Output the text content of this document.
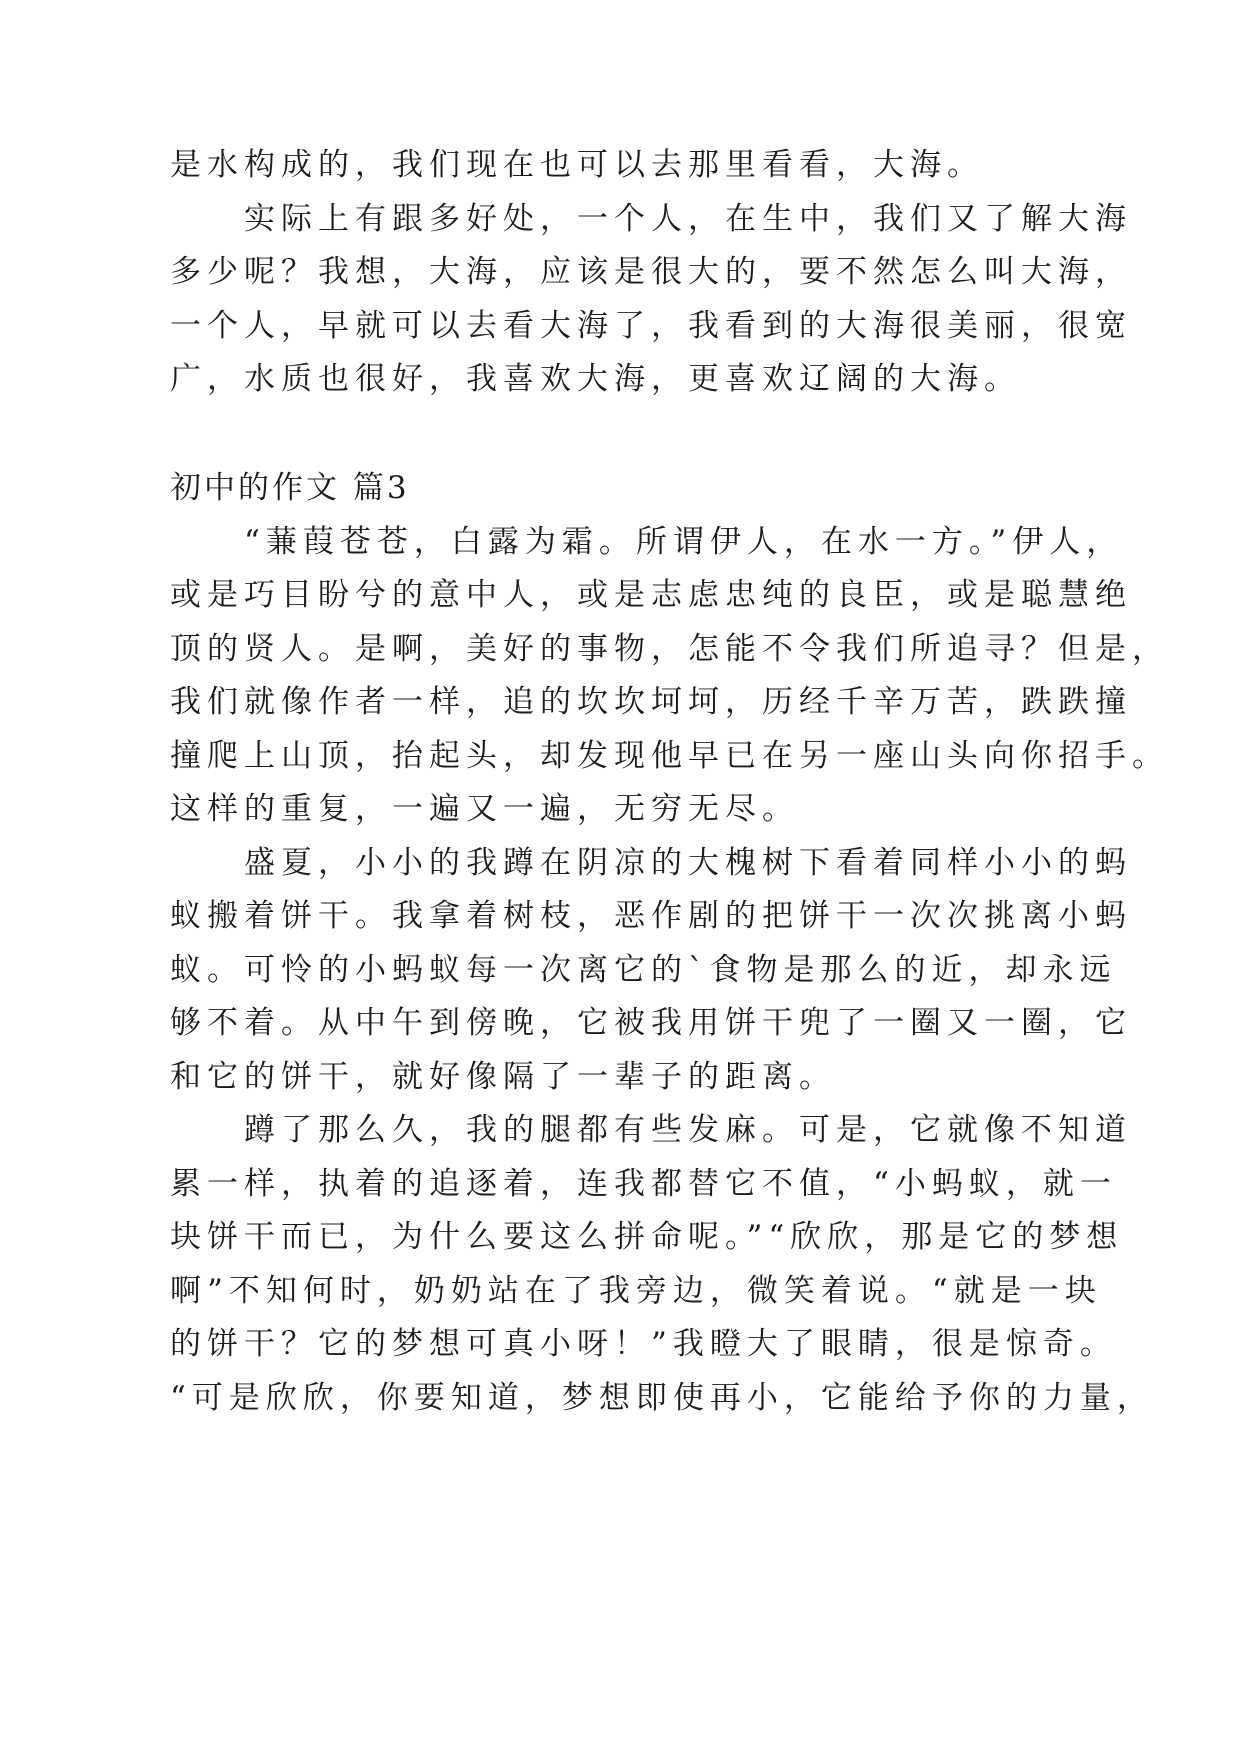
是水构成的，我们现在也可以去那里看看，大海。
　　实际上有跟多好处，一个人，在生中，我们又了解大海
多少呢？我想，大海，应该是很大的，要不然怎么叫大海，
一个人，早就可以去看大海了，我看到的大海很美丽，很宽
广，水质也很好，我喜欢大海，更喜欢辽阔的大海。
初中的作文 篇3
　　“蒹葭苍苍，白露为霜。所谓伊人，在水一方。”伊人，
或是巧目盼兮的意中人，或是志虑忠纯的良臣，或是聪慧绝
顶的贤人。是啊，美好的事物，怎能不令我们所追寻？但是，
我们就像作者一样，追的坎坎坷坷，历经千辛万苦，跌跌撞
撞爬上山顶，抬起头，却发现他早已在另一座山头向你招手。
这样的重复，一遍又一遍，无穷无尽。
　　盛夏，小小的我蹲在阴凉的大槐树下看着同样小小的蚂
蚁搬着饼干。我拿着树枝，恶作剧的把饼干一次次挑离小蚂
蚁。可怜的小蚂蚁每一次离它的`食物是那么的近，却永远
够不着。从中午到傍晚，它被我用饼干兜了一圈又一圈，它
和它的饼干，就好像隔了一辈子的距离。
　　蹲了那么久，我的腿都有些发麻。可是，它就像不知道
累一样，执着的追逐着，连我都替它不值，“小蚂蚁，就一
块饼干而已，为什么要这么拼命呢。”“欣欣，那是它的梦想
啊”不知何时，奶奶站在了我旁边，微笑着说。“就是一块
的饼干？它的梦想可真小呀！”我瞪大了眼睛，很是惊奇。
“可是欣欣，你要知道，梦想即使再小，它能给予你的力量，
